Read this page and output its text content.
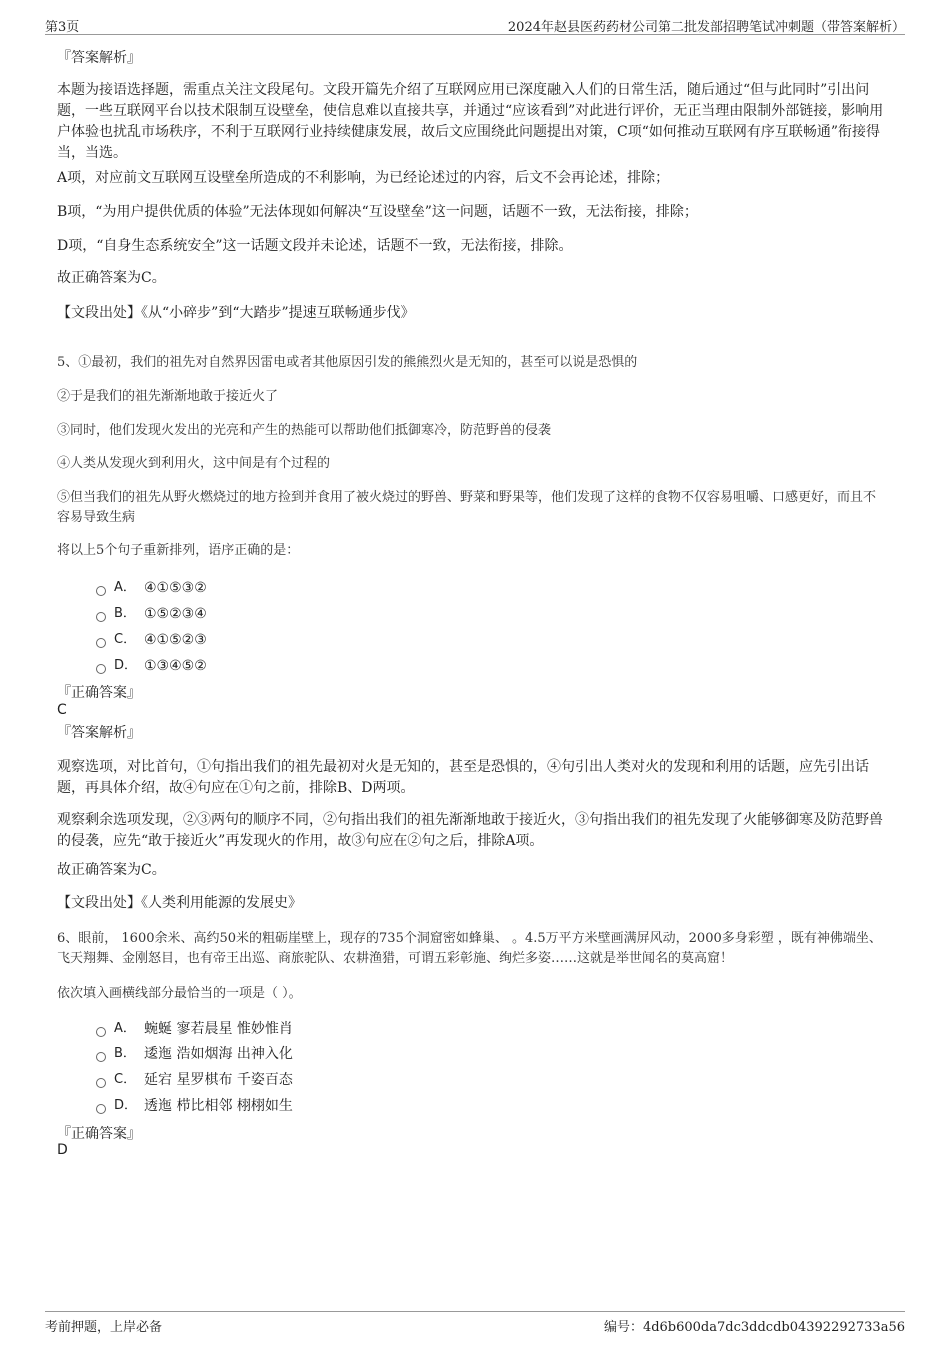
第3页	2024年赵县医药药材公司第二批发部招聘笔试冲刺题（带答案解析）
『答案解析』
本题为接语选择题，需重点关注文段尾句。文段开篇先介绍了互联网应用已深度融入人们的日常生活，随后通过“但与此同时”引出问题，一些互联网平台以技术限制互设壁垒，使信息难以直接共享，并通过“应该看到”对此进行评价，无正当理由限制外部链接，影响用户体验也扰乱市场秩序，不利于互联网行业持续健康发展，故后文应围绕此问题提出对策，C项“如何推动互联网有序互联畅通”衔接得当，当选。
A项，对应前文互联网互设壁垒所造成的不利影响，为已经论述过的内容，后文不会再论述，排除；
B项，“为用户提供优质的体验”无法体现如何解决“互设壁垒”这一问题，话题不一致，无法衔接，排除；
D项，“自身生态系统安全”这一话题文段并未论述，话题不一致，无法衔接，排除。
故正确答案为C。
【文段出处】《从“小碎步”到“大踏步”提速互联畅通步伐》
5、①最初，我们的祖先对自然界因雷电或者其他原因引发的熊熊烈火是无知的，甚至可以说是恐惧的
②于是我们的祖先渐渐地敢于接近火了
③同时，他们发现火发出的光亮和产生的热能可以帮助他们抵御寒冷，防范野兽的侵袭
④人类从发现火到利用火，这中间是有个过程的
⑤但当我们的祖先从野火燃烧过的地方捡到并食用了被火烧过的野兽、野菜和野果等，他们发现了这样的食物不仅容易咀嚼、口感更好，而且不容易导致生病
将以上5个句子重新排列，语序正确的是：
A． ④①⑤③②
B． ①⑤②③④
C． ④①⑤②③
D． ①③④⑤②
『正确答案』
C
『答案解析』
观察选项，对比首句，①句指出我们的祖先最初对火是无知的，甚至是恐惧的，④句引出人类对火的发现和利用的话题，应先引出话题，再具体介绍，故④句应在①句之前，排除B、D两项。
观察剩余选项发现，②③两句的顺序不同，②句指出我们的祖先渐渐地敢于接近火，③句指出我们的祖先发现了火能够御寒及防范野兽的侵袭，应先“敢于接近火”再发现火的作用，故③句应在②句之后，排除A项。
故正确答案为C。
【文段出处】《人类利用能源的发展史》
6、眼前， 1600余米、高约50米的粗砺崖壁上，现存的735个洞窟密如蜂巢、 。4.5万平方米壁画满屏风动，2000多身彩塑 ，既有神佛端坐、飞天翔舞、金刚怒目，也有帝王出巡、商旅驼队、农耕渔猎，可谓五彩彰施、绚烂多姿……这就是举世闻名的莫高窟！
依次填入画横线部分最恰当的一项是（ ）。
A． 蜿蜒 寥若晨星 惟妙惟肖
B． 逶迤 浩如烟海 出神入化
C． 延宕 星罗棋布 千姿百态
D． 透迤 栉比相邻 栩栩如生
『正确答案』
D
考前押题，上岸必备	编号：4d6b600da7dc3ddcdb04392292733a56
